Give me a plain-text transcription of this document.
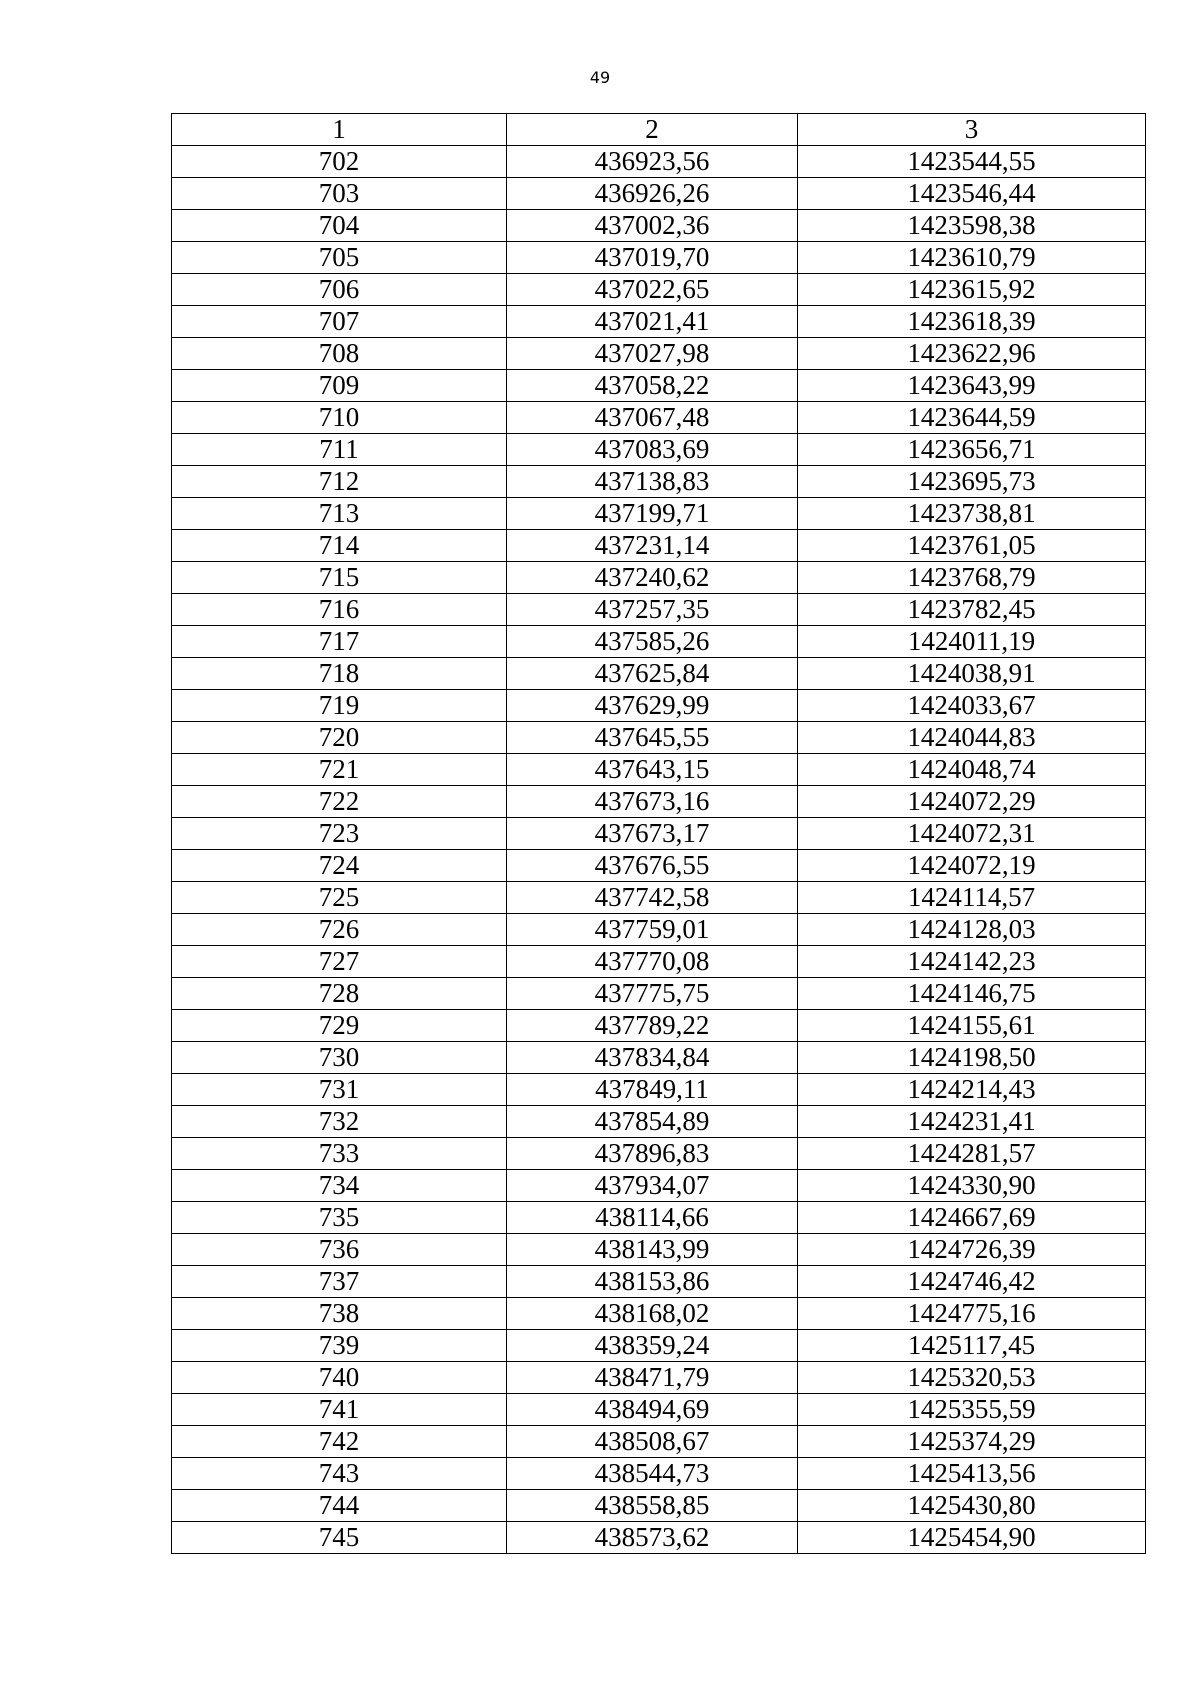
49
1	2	3
702	436923,56	1423544,55
703	436926,26	1423546,44
704	437002,36	1423598,38
705	437019,70	1423610,79
706	437022,65	1423615,92
707	437021,41	1423618,39
708	437027,98	1423622,96
709	437058,22	1423643,99
710	437067,48	1423644,59
711	437083,69	1423656,71
712	437138,83	1423695,73
713	437199,71	1423738,81
714	437231,14	1423761,05
715	437240,62	1423768,79
716	437257,35	1423782,45
717	437585,26	1424011,19
718	437625,84	1424038,91
719	437629,99	1424033,67
720	437645,55	1424044,83
721	437643,15	1424048,74
722	437673,16	1424072,29
723	437673,17	1424072,31
724	437676,55	1424072,19
725	437742,58	1424114,57
726	437759,01	1424128,03
727	437770,08	1424142,23
728	437775,75	1424146,75
729	437789,22	1424155,61
730	437834,84	1424198,50
731	437849,11	1424214,43
732	437854,89	1424231,41
733	437896,83	1424281,57
734	437934,07	1424330,90
735	438114,66	1424667,69
736	438143,99	1424726,39
737	438153,86	1424746,42
738	438168,02	1424775,16
739	438359,24	1425117,45
740	438471,79	1425320,53
741	438494,69	1425355,59
742	438508,67	1425374,29
743	438544,73	1425413,56
744	438558,85	1425430,80
745	438573,62	1425454,90
